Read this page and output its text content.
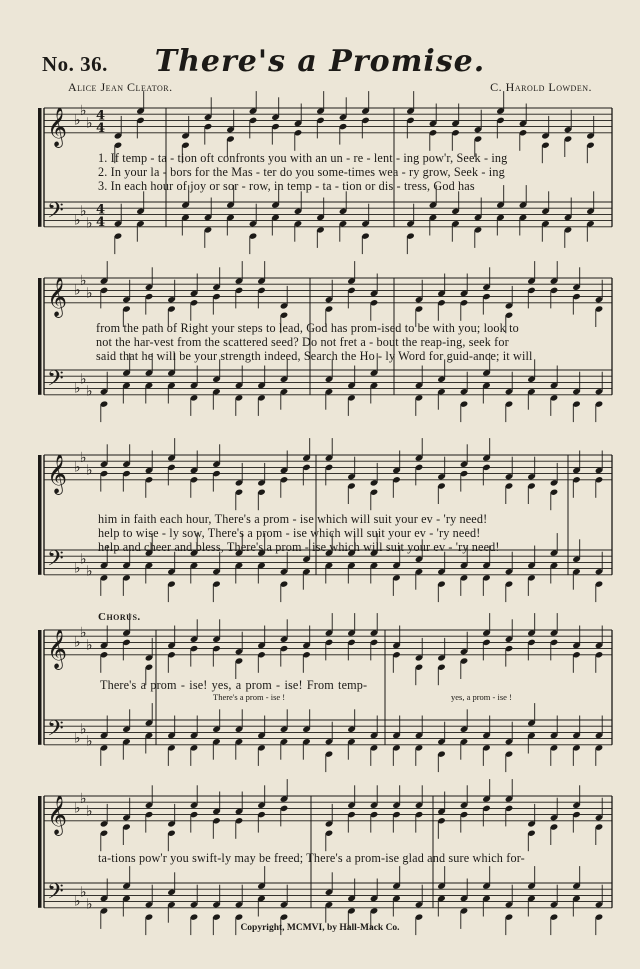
𝄞
𝄢
♭
♭
♭
♭
♭
♭
4
4
4
4
𝄞
𝄢
♭
♭
♭
♭
♭
♭
𝄞
𝄢
♭
♭
♭
♭
♭
♭
𝄞
𝄢
♭
♭
♭
♭
♭
♭
𝄞
𝄢
♭
♭
♭
♭
♭
♭
No. 36.	There's a Promise.
Alice Jean Cleator.	C. Harold Lowden.
1. If temp - ta - tion oft confronts you with an un - re - lent - ing pow'r, Seek - ing
2. In your la - bors for the Mas - ter do you some-times wea - ry grow, Seek - ing
3. In each hour of joy or sor - row, in temp - ta - tion or dis - tress, God has
from the path of Right your steps to lead, God has prom-ised to be with you; look to
not the har-vest from the scattered seed? Do not fret a - bout the reap-ing, seek for
said that he will be your strength indeed, Search the Ho - ly Word for guid-ance; it will
him in faith each hour, There's a prom - ise which will suit your ev - 'ry need!
help to wise - ly sow, There's a prom - ise which will suit your ev - 'ry need!
help and cheer and bless, There's a prom - ise which will suit your ev - 'ry need!
Chorus.
There's a prom - ise! yes, a prom - ise! From temp-
There's a prom - ise !	yes, a prom - ise !
ta-tions pow'r you swift-ly may be freed; There's a prom-ise glad and sure which for-
Copyright, MCMVI, by Hall-Mack Co.
